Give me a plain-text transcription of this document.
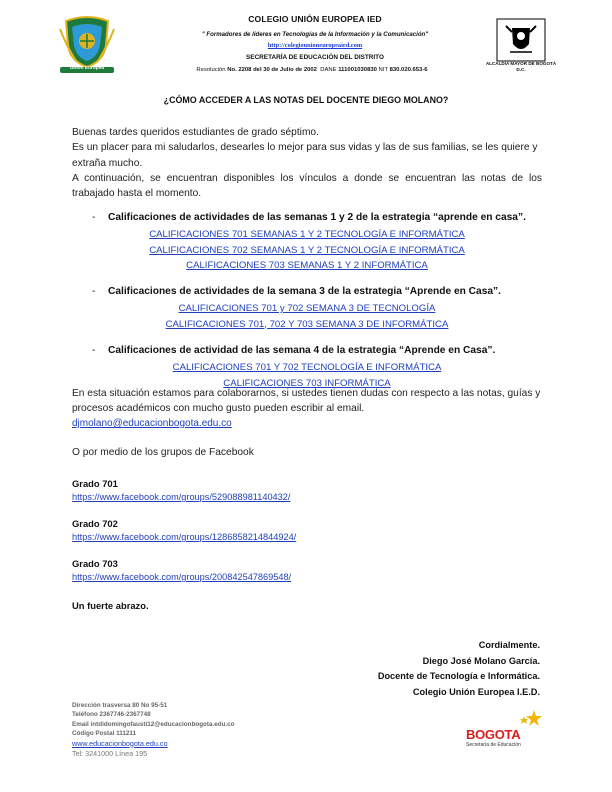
Unión Europea
COLEGIO UNIÓN EUROPEA IED
" Formadores de líderes en Tecnologías de la Información y la Comunicación"
http://colegiounioneuropeaied.com
SECRETARÍA DE EDUCACIÓN DEL DISTRITO
Resolución No. 2208 del 30 de Julio de 2002 DANE 111001030830 NIT 830.020.653-6
ALCALDÍA MAYOR DE BOGOTÁ D.C.
¿CÓMO ACCEDER A LAS NOTAS DEL DOCENTE DIEGO MOLANO?
Buenas tardes queridos estudiantes de grado séptimo.
Es un placer para mi saludarlos, desearles lo mejor para sus vidas y las de sus familias, se les quiere y extraña mucho.
A continuación, se encuentran disponibles los vínculos a donde se encuentran las notas de los trabajado hasta el momento.
- Calificaciones de actividades de las semanas 1 y 2 de la estrategia “aprende en casa”.
CALIFICACIONES 701 SEMANAS 1 Y 2 TECNOLOGÍA E INFORMÁTICA
CALIFICACIONES 702 SEMANAS 1 Y 2 TECNOLOGÍA E INFORMÁTICA
CALIFICACIONES 703 SEMANAS 1 Y 2 INFORMÁTICA
- Calificaciones de actividades de la semana 3 de la estrategia “Aprende en Casa”.
CALIFICACIONES 701 y 702 SEMANA 3 DE TECNOLOGÍA
CALIFICACIONES 701, 702 Y 703 SEMANA 3 DE INFORMÁTICA
- Calificaciones de actividad de las semana 4 de la estrategia “Aprende en Casa”.
CALIFICACIONES 701 Y 702 TECNOLOGÍA E INFORMÁTICA
CALIFICACIONES 703 INFORMÁTICA
En esta situación estamos para colaborarnos, si ustedes tienen dudas con respecto a las notas, guías y procesos académicos con mucho gusto pueden escribir al email.
djmolano@educacionbogota.edu.co
O por medio de los grupos de Facebook
Grado 701
https://www.facebook.com/groups/529088981140432/
Grado 702
https://www.facebook.com/groups/1286858214844924/
Grado 703
https://www.facebook.com/groups/200842547869548/
Un fuerte abrazo.
Cordialmente.
Diego José Molano García.
Docente de Tecnología e Informática.
Colegio Unión Europea I.E.D.
Dirección trasversa 80 No 95-51
Teléfono 2367746-2367748
Email intdidomingofausti12@educacionbogota.edu.co
Código Postal 111211
www.educacionbogota.edu.co
Tel: 3241000 Línea 195
BOGOTA
Secretaría de Educación
